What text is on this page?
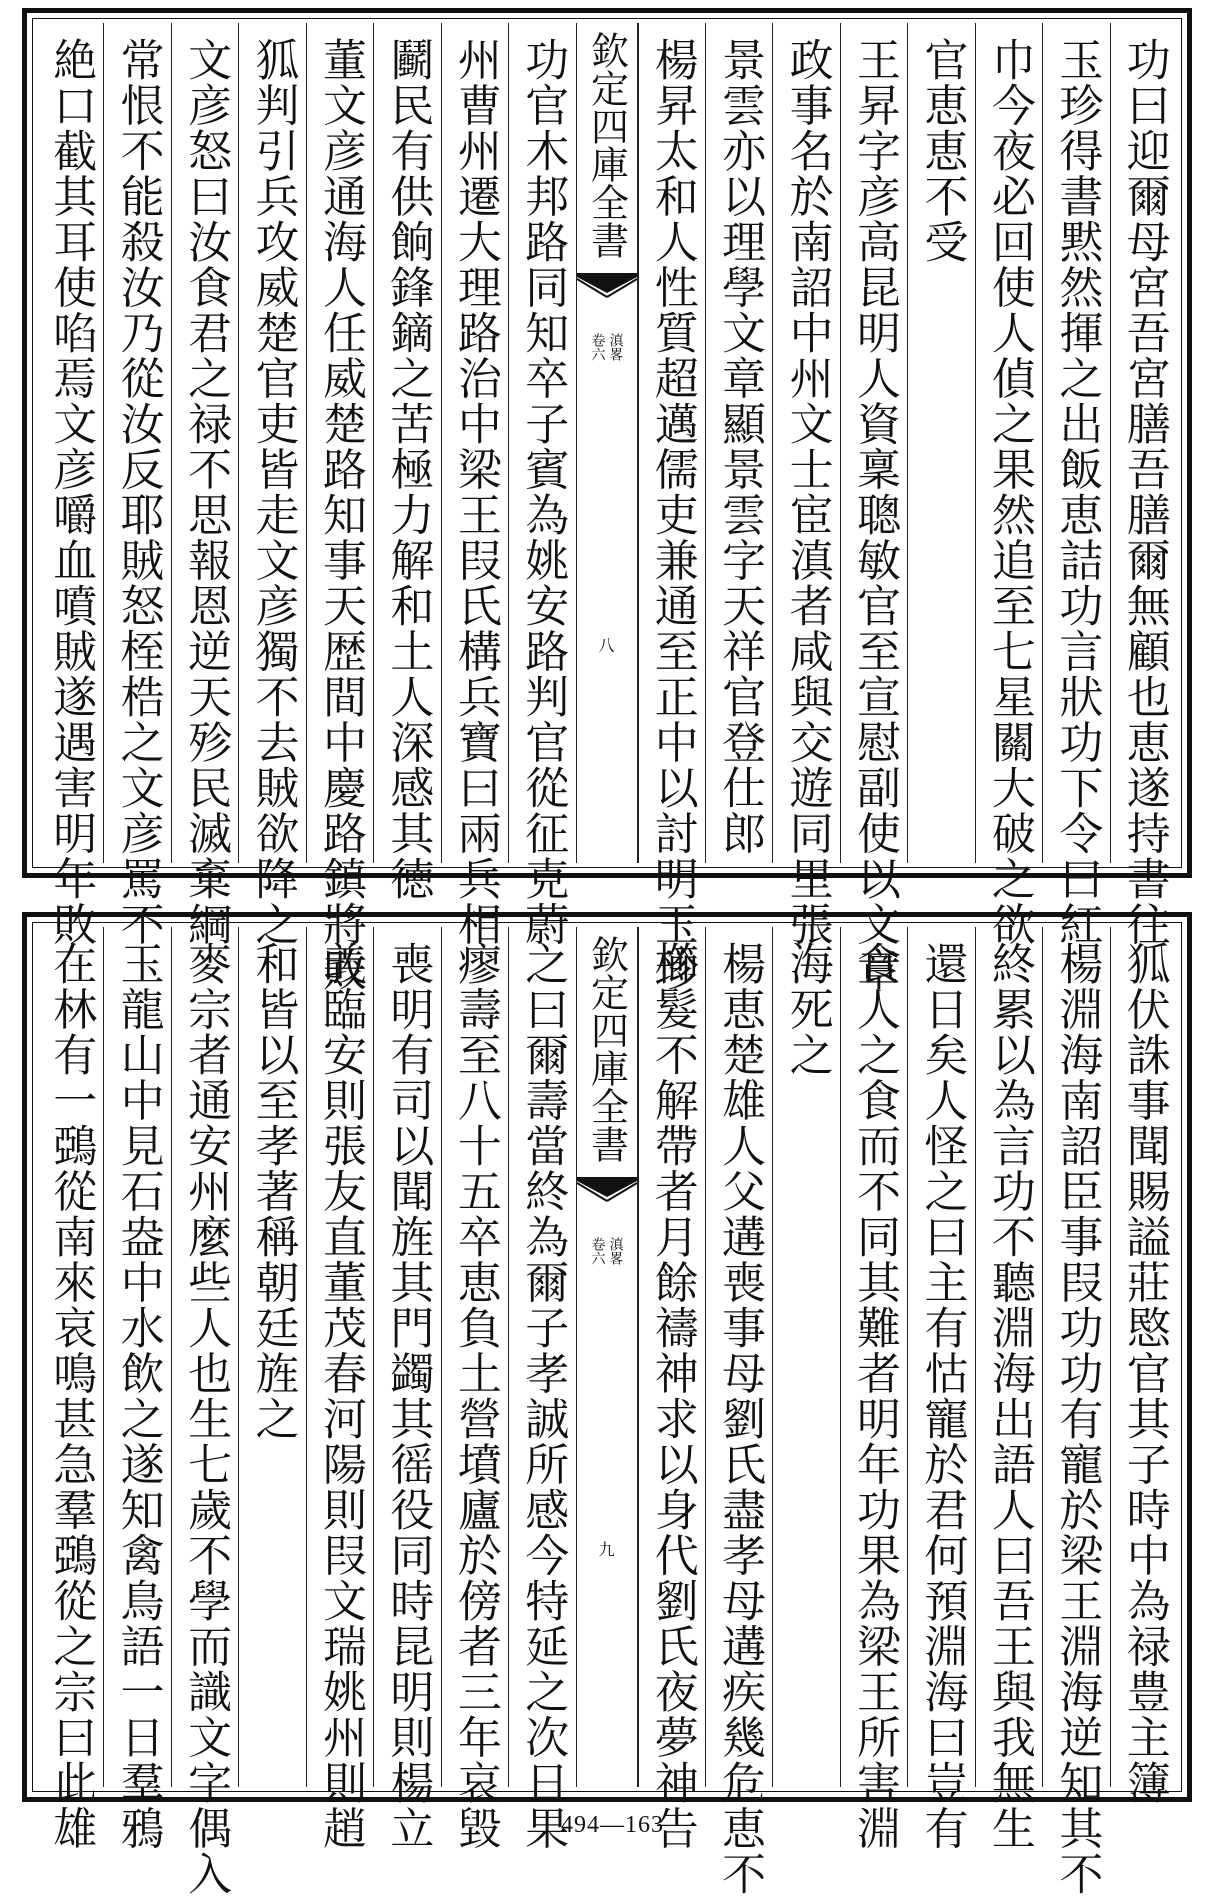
功曰迎爾母宮吾宮膳吾膳爾無顧也恵遂持書往
玉珍得書黙然揮之出飯恵詰功言狀功下令曰紅
巾今夜必回使人偵之果然追至七星關大破之欲
官恵恵不受
王昇字彦高昆明人資稟聰敏官至宣慰副使以文章
政事名於南詔中州文士宦滇者咸與交遊同里張
景雲亦以理學文章顯景雲字天祥官登仕郎
楊昇太和人性質超邁儒吏兼通至正中以討明玉珍
欽定四庫全書
滇畧
卷六
八
功官木邦路同知卒子賓為姚安路判官從征克蔚
州曹州遷大理路治中梁王叚氏構兵寶曰兩兵相
鬬民有供餉鋒鏑之苦極力解和土人深感其徳
董文彦通海人任威楚路知事天歴間中慶路鎮將敗
狐判引兵攻威楚官吏皆走文彦獨不去賊欲降之
文彦怒曰汝食君之禄不思報恩逆天殄民滅棄綱
常恨不能殺汝乃從汝反耶賊怒桎梏之文彦罵不
絶口截其耳使啗焉文彦嚼血噴賊遂遇害明年敗
狐伏誅事聞賜謚莊愍官其子時中為禄豊主簿
楊淵海南詔臣事叚功功有寵於梁王淵海逆知其不
終累以為言功不聽淵海出語人曰吾王與我無生
還日矣人怪之曰主有怙寵於君何預淵海曰豈有
食人之食而不同其難者明年功果為梁王所害淵
海死之
楊恵楚雄人父遘喪事母劉氏盡孝母遘疾幾危恵不
櫛髮不解帶者月餘禱神求以身代劉氏夜夢神告
欽定四庫全書
滇畧
卷六
九
之曰爾壽當終為爾子孝誠所感今特延之次日果
瘳壽至八十五卒恵負土營墳廬於傍者三年哀毀
喪明有司以聞旌其門蠲其徭役同時昆明則楊立
義臨安則張友直董茂春河陽則叚文瑞姚州則趙
和皆以至孝著稱朝廷旌之
麥宗者通安州麼些人也生七歲不學而識文字偶入
玉龍山中見石盎中水飲之遂知禽鳥語一日羣鴉
在林有一鵶從南來哀鳴甚急羣鵶從之宗曰此雄	494—163
